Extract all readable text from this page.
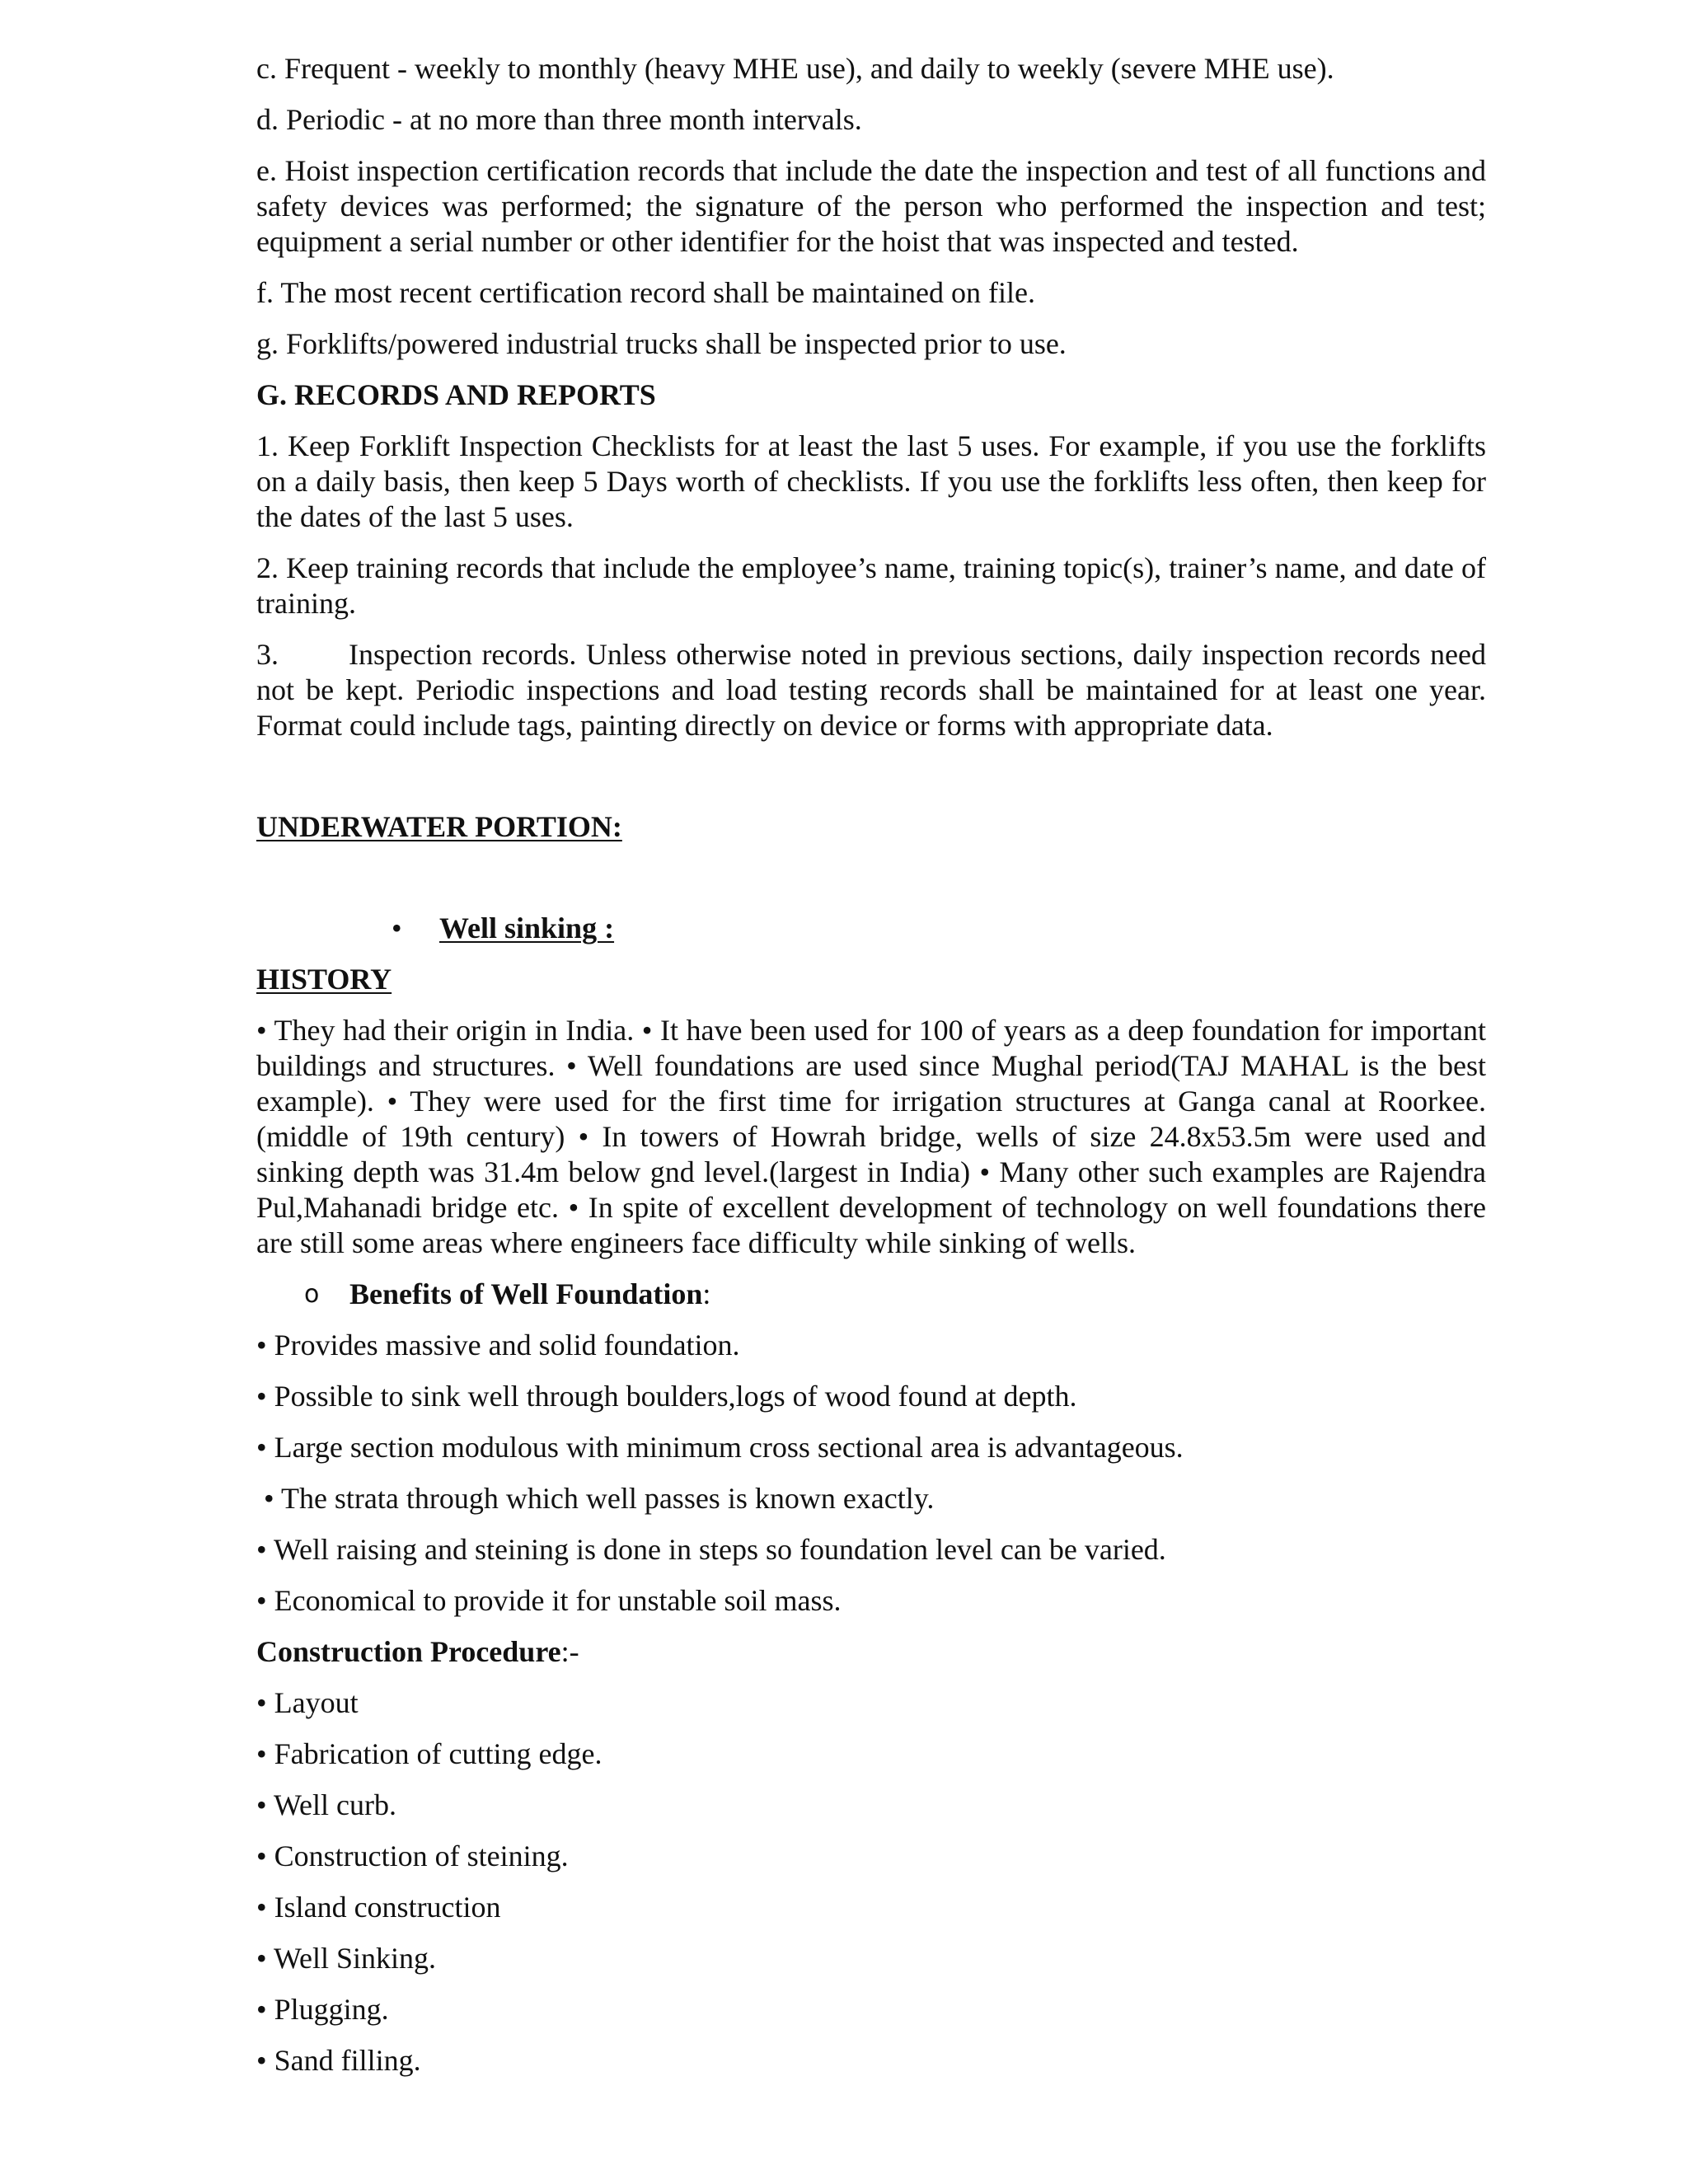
c. Frequent - weekly to monthly (heavy MHE use), and daily to weekly (severe MHE use).

d. Periodic - at no more than three month intervals.

e. Hoist inspection certification records that include the date the inspection and test of all functions and safety devices was performed; the signature of the person who performed the inspection and test; equipment a serial number or other identifier for the hoist that was inspected and tested.

f. The most recent certification record shall be maintained on file.

g. Forklifts/powered industrial trucks shall be inspected prior to use.

G. RECORDS AND REPORTS

1. Keep Forklift Inspection Checklists for at least the last 5 uses. For example, if you use the forklifts on a daily basis, then keep 5 Days worth of checklists. If you use the forklifts less often, then keep for the dates of the last 5 uses.

2. Keep training records that include the employee’s name, training topic(s), trainer’s name, and date of training.

3. Inspection records. Unless otherwise noted in previous sections, daily inspection records need not be kept. Periodic inspections and load testing records shall be maintained for at least one year. Format could include tags, painting directly on device or forms with appropriate data.

UNDERWATER PORTION:
• Well sinking :
HISTORY

• They had their origin in India. • It have been used for 100 of years as a deep foundation for important buildings and structures. • Well foundations are used since Mughal period(TAJ MAHAL is the best example). • They were used for the first time for irrigation structures at Ganga canal at Roorkee.(middle of 19th century) • In towers of Howrah bridge, wells of size 24.8x53.5m were used and sinking depth was 31.4m below gnd level.(largest in India) • Many other such examples are Rajendra Pul,Mahanadi bridge etc. • In spite of excellent development of technology on well foundations there are still some areas where engineers face difficulty while sinking of wells.

o Benefits of Well Foundation:

• Provides massive and solid foundation.

• Possible to sink well through boulders,logs of wood found at depth.

• Large section modulous with minimum cross sectional area is advantageous.

• The strata through which well passes is known exactly.

• Well raising and steining is done in steps so foundation level can be varied.

• Economical to provide it for unstable soil mass.

Construction Procedure:-

• Layout

• Fabrication of cutting edge.

• Well curb.

• Construction of steining.

• Island construction

• Well Sinking.

• Plugging.

• Sand filling.
